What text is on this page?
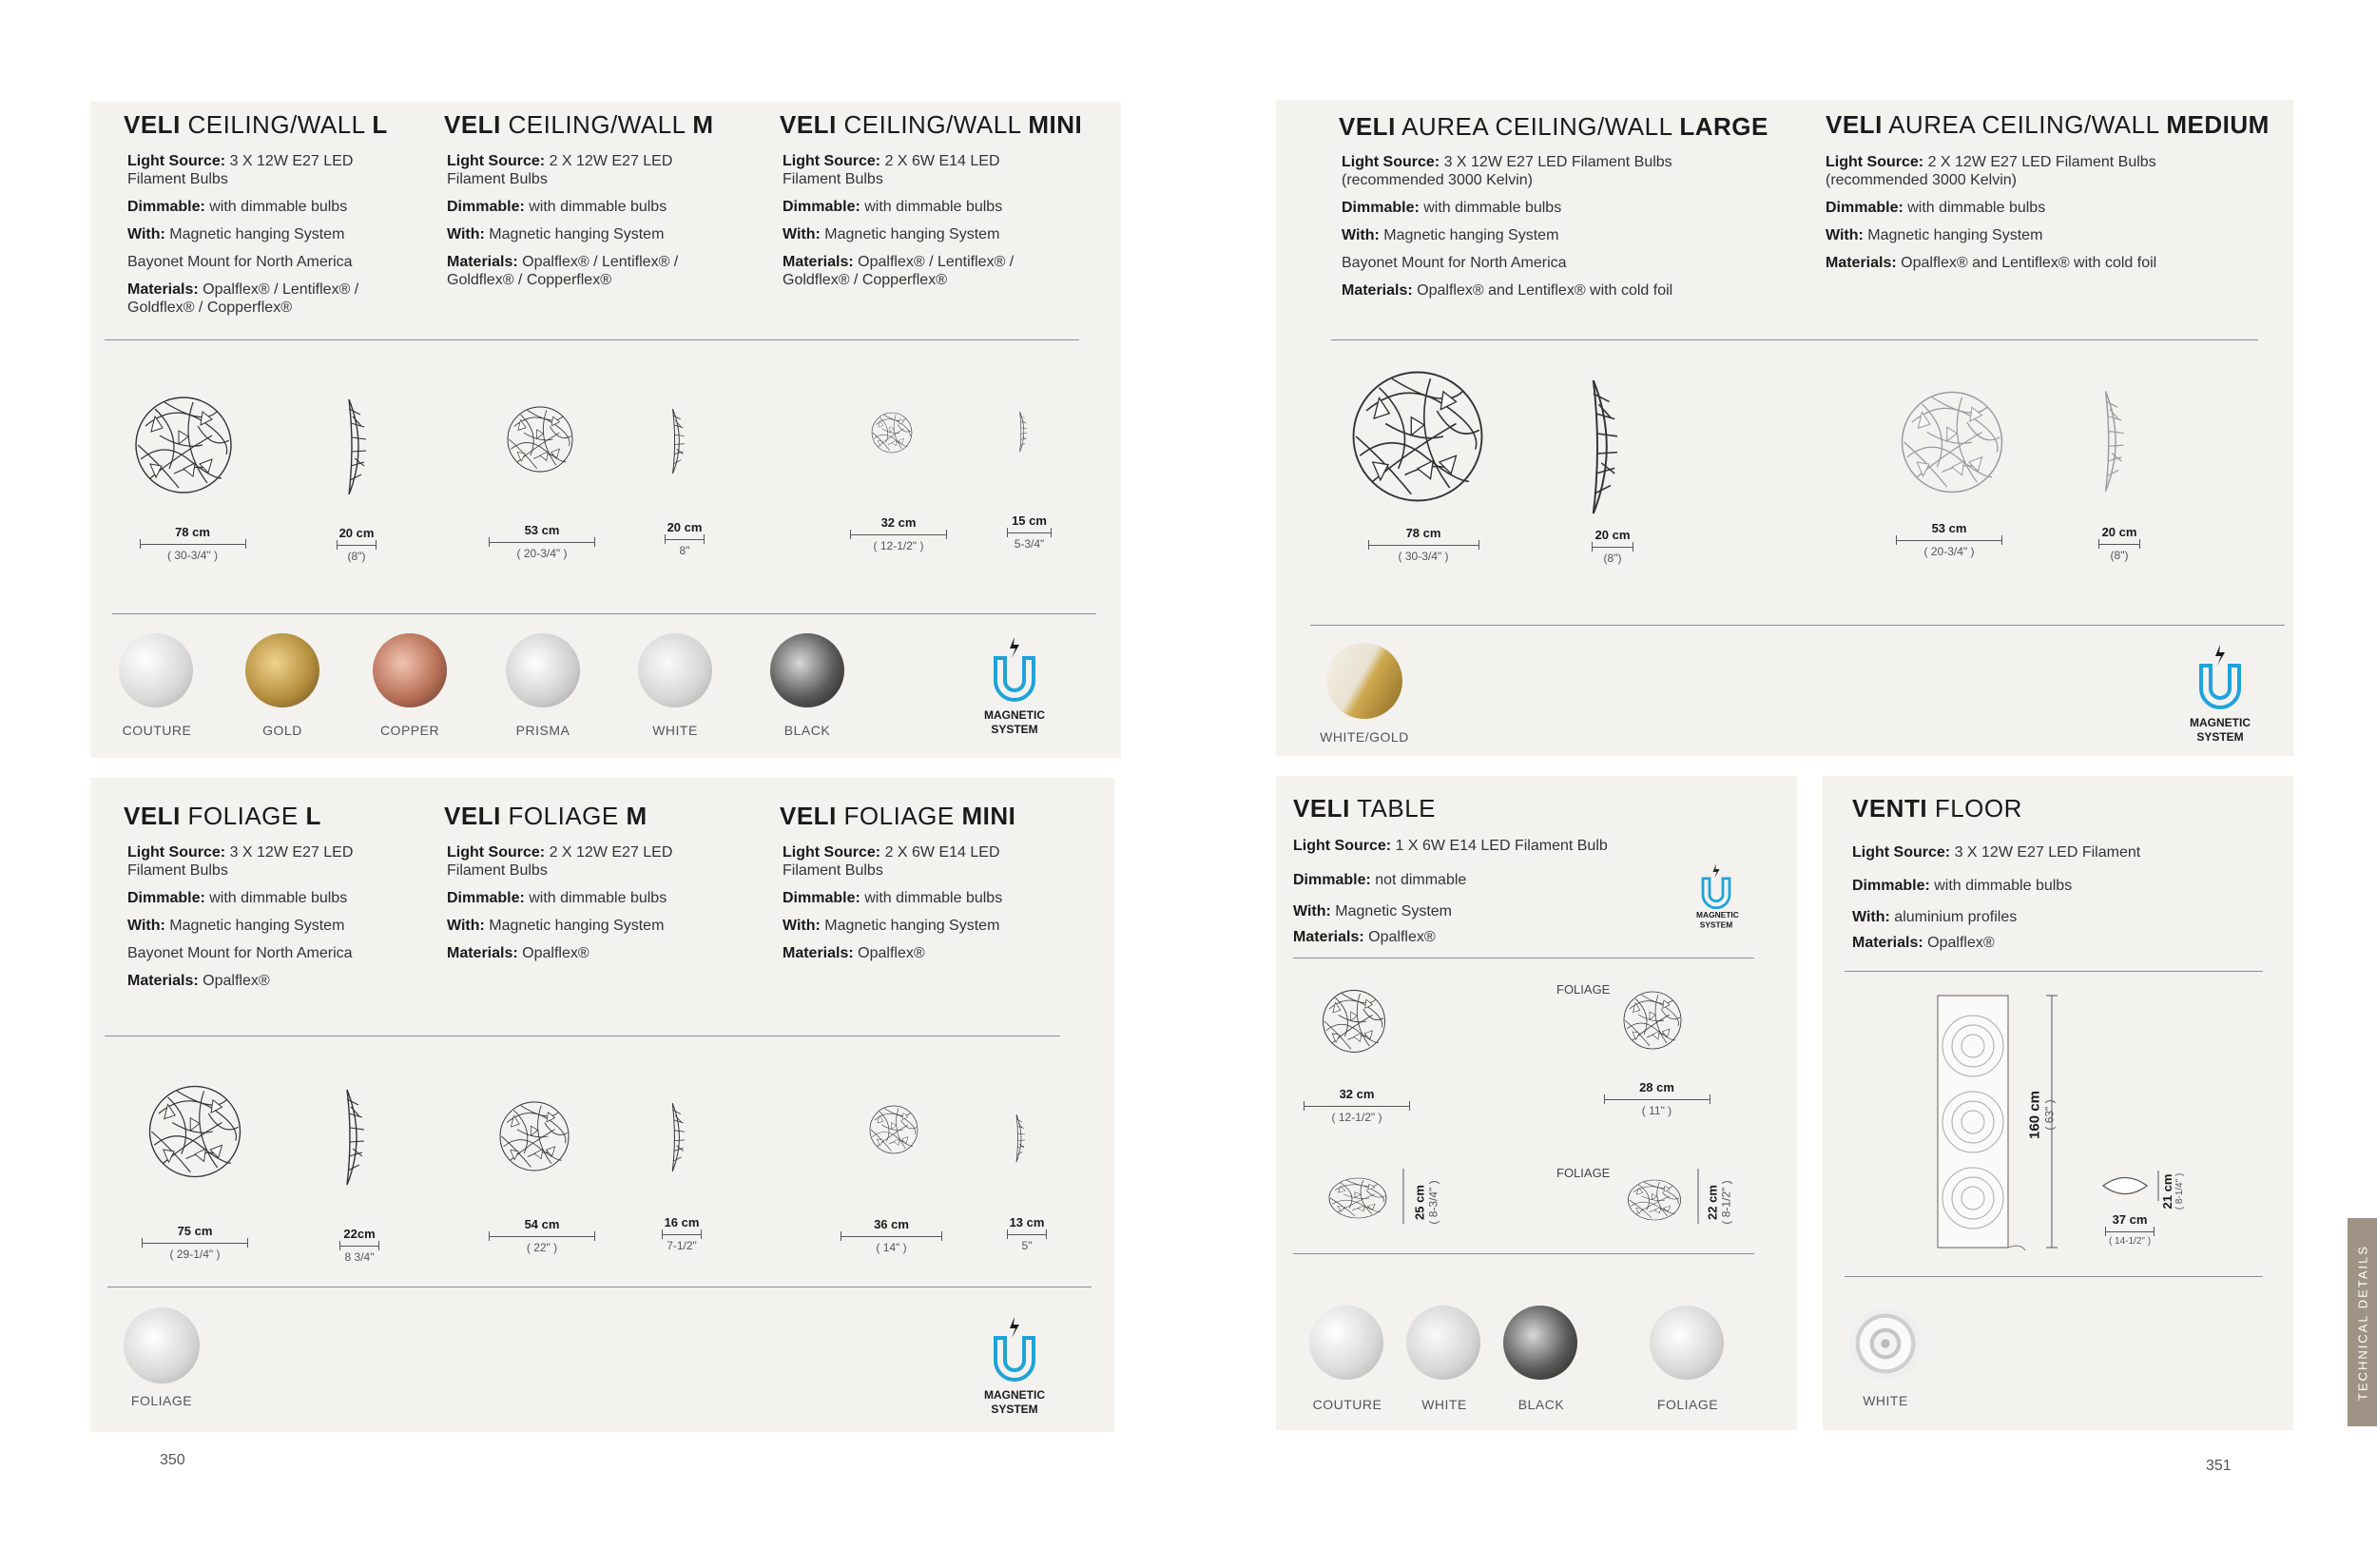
VELI CEILING/WALL L VELI CEILING/WALL M	VELI CEILING/WALL MINI
Light Source: 3 X 12W E27 LED Filament Bulbs
Dimmable: with dimmable bulbs
With: Magnetic hanging System
Bayonet Mount for North America
Materials: Opalflex® / Lentiflex® / Goldflex® / Copperflex®
Light Source: 2 X 12W E27 LED Filament Bulbs
Dimmable: with dimmable bulbs
With: Magnetic hanging System
Materials: Opalflex® / Lentiflex® / Goldflex® / Copperflex®
Light Source: 2 X 6W E14 LED Filament Bulbs
Dimmable: with dimmable bulbs
With: Magnetic hanging System
Materials: Opalflex® / Lentiflex® / Goldflex® / Copperflex®
78 cm
( 30-3/4" )
20 cm
(8")
53 cm
( 20-3/4" )
20 cm
8"
32 cm
( 12-1/2" )
15 cm
5-3/4"
COUTURE	GOLD	COPPER	PRISMA	WHITE	BLACK
MAGNETIC
SYSTEM
VELI FOLIAGE L	VELI FOLIAGE M	VELI FOLIAGE MINI
Light Source: 3 X 12W E27 LED Filament Bulbs
Dimmable: with dimmable bulbs
With: Magnetic hanging System
Bayonet Mount for North America
Materials: Opalflex®
Light Source: 2 X 12W E27 LED Filament Bulbs
Dimmable: with dimmable bulbs
With: Magnetic hanging System
Materials: Opalflex®
Light Source: 2 X 6W E14 LED Filament Bulbs
Dimmable: with dimmable bulbs
With: Magnetic hanging System
Materials: Opalflex®
75 cm
( 29-1/4" )
22cm
8 3/4"
54 cm
( 22" )
16 cm
7-1/2"
36 cm
( 14" )
13 cm
5"
FOLIAGE	MAGNETIC
SYSTEM
350
VELI AUREA CEILING/WALL LARGE VELI AUREA CEILING/WALL MEDIUM
Light Source: 3 X 12W E27 LED Filament Bulbs (recommended 3000 Kelvin)
Dimmable: with dimmable bulbs
With: Magnetic hanging System
Bayonet Mount for North America
Materials: Opalflex® and Lentiflex® with cold foil
Light Source: 2 X 12W E27 LED Filament Bulbs (recommended 3000 Kelvin)
Dimmable: with dimmable bulbs
With: Magnetic hanging System
Materials: Opalflex® and Lentiflex® with cold foil
78 cm
( 30-3/4" )
20 cm
(8")
53 cm
( 20-3/4" )
20 cm
(8")
WHITE/GOLD
MAGNETIC
SYSTEM
VELI TABLE
Light Source: 1 X 6W E14 LED Filament Bulb
Dimmable: not dimmable
With: Magnetic System
Materials: Opalflex®
MAGNETIC
SYSTEM
FOLIAGE
FOLIAGE
32 cm
( 12-1/2" )
28 cm
( 11" )
25 cm ( 8-3/4" )	22 cm ( 8-1/2" )
COUTURE	WHITE	BLACK	FOLIAGE
VENTI FLOOR
Light Source: 3 X 12W E27 LED Filament
Dimmable: with dimmable bulbs
With: aluminium profiles
Materials: Opalflex®
160 cm ( 63" )
21 cm ( 8-1/4" )
37 cm
( 14-1/2" )
WHITE
351
TECHNICAL DETAILS
